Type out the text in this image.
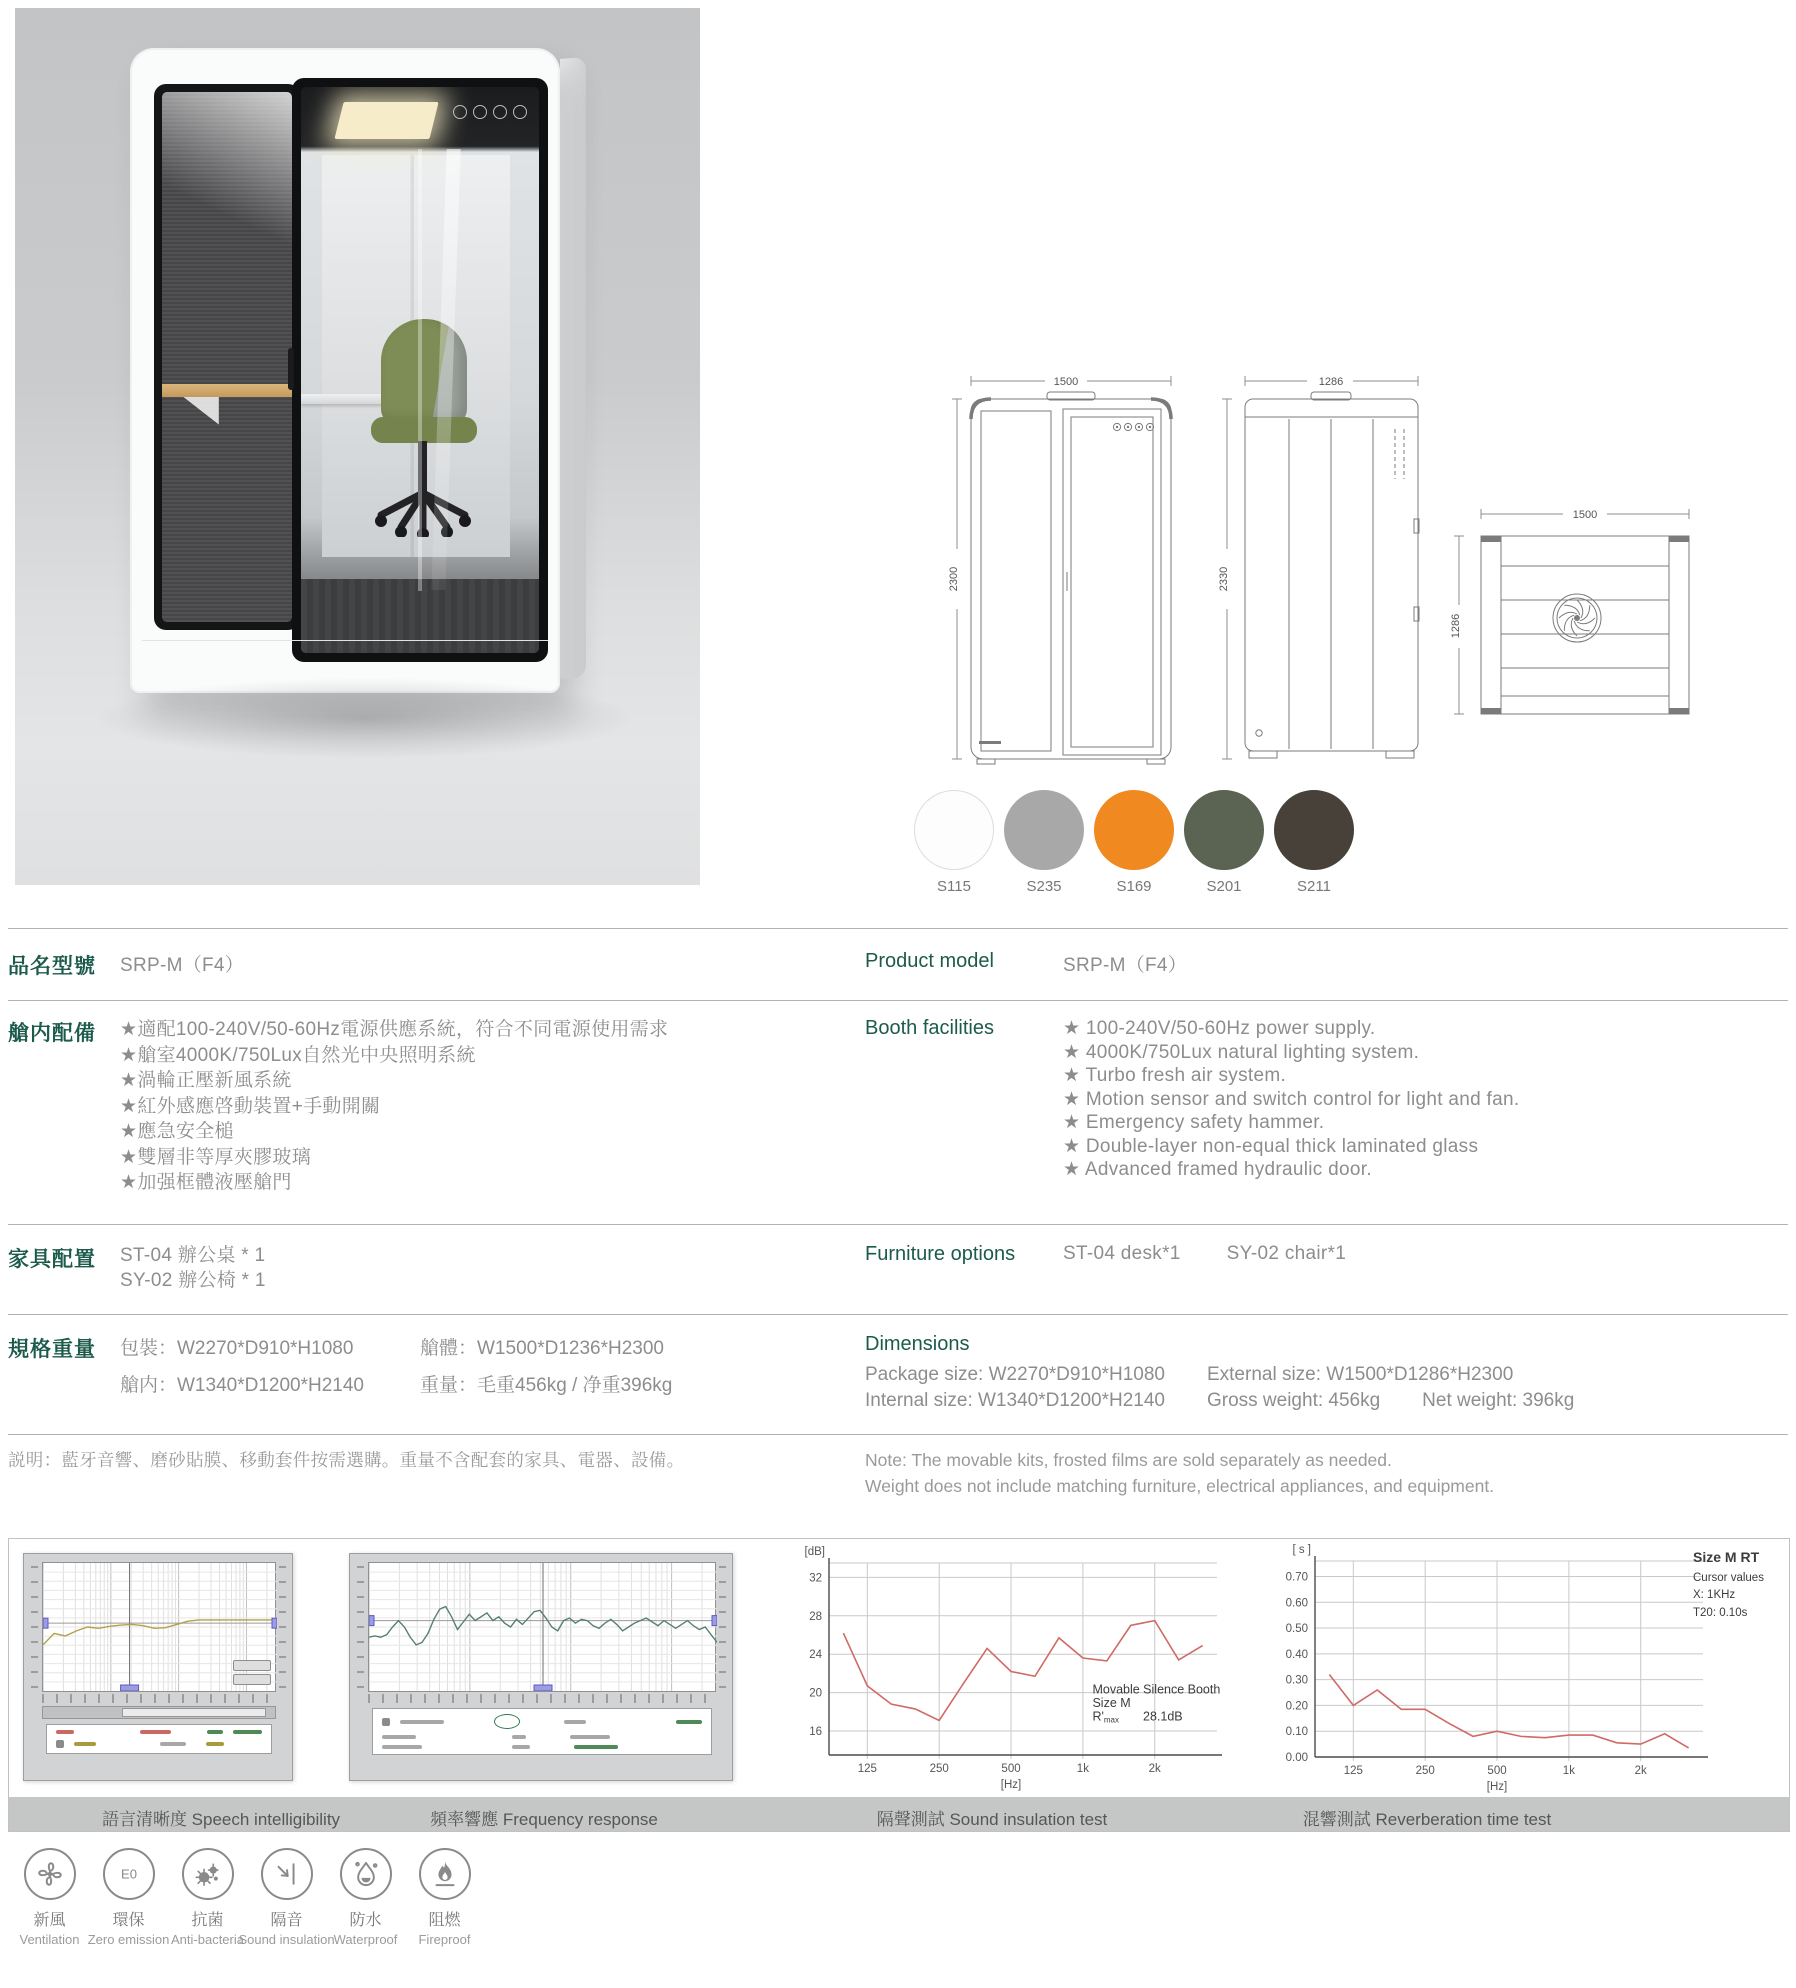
1500
2300
1286
2330
1500
1286
S115	S235	S169	S201	S211
品名型號	SRP-M（F4）	Product model	SRP-M（F4）
艙内配備	★適配100-240V/50-60Hz電源供應系統，符合不同電源使用需求
★艙室4000K/750Lux自然光中央照明系統
★渦輪正壓新風系統
★紅外感應啓動裝置+手動開關
★應急安全槌
★雙層非等厚夾膠玻璃
★加强框體液壓艙門
Booth facilities	★ 100-240V/50-60Hz power supply.
★ 4000K/750Lux natural lighting system.
★ Turbo fresh air system.
★ Motion sensor and switch control for light and fan.
★ Emergency safety hammer.
★ Double-layer non-equal thick laminated glass
★ Advanced framed hydraulic door.
家具配置	ST-04 辦公桌 * 1
SY-02 辦公椅 * 1
Furniture options	ST-04 desk*1 SY-02 chair*1
規格重量	包裝：W2270*D910*H1080	艙體：W1500*D1236*H2300
艙内：W1340*D1200*H2140	重量：毛重456kg / 净重396kg
Dimensions
Package size: W2270*D910*H1080 External size: W1500*D1286*H2300
Internal size: W1340*D1200*H2140 Gross weight: 456kg Net weight: 396kg
説明：藍牙音響、磨砂貼膜、移動套件按需選購。重量不含配套的家具、電器、設備。	Note: The movable kits, frosted films are sold separately as needed.
Weight does not include matching furniture, electrical appliances, and equipment.
125	250	500	1k	2k
16
20
24
28
32
[dB]
[Hz]
Movable Silence Booth
Size M
R'max 28.1dB
125	250	500	1k	2k
0.70
0.60
0.50
0.40
0.30
0.20
0.10
0.00
[ s ]
[Hz]
Size M RT
Cursor values
X: 1KHz
T20: 0.10s
語言清晰度 Speech intelligibility	頻率響應 Frequency response	隔聲測試 Sound insulation test	混響測試 Reverberation time test
新風
Ventilation
E0
環保
Zero emission
抗菌
Anti-bacteria
隔音
Sound insulation
防水
Waterproof
阻燃
Fireproof
